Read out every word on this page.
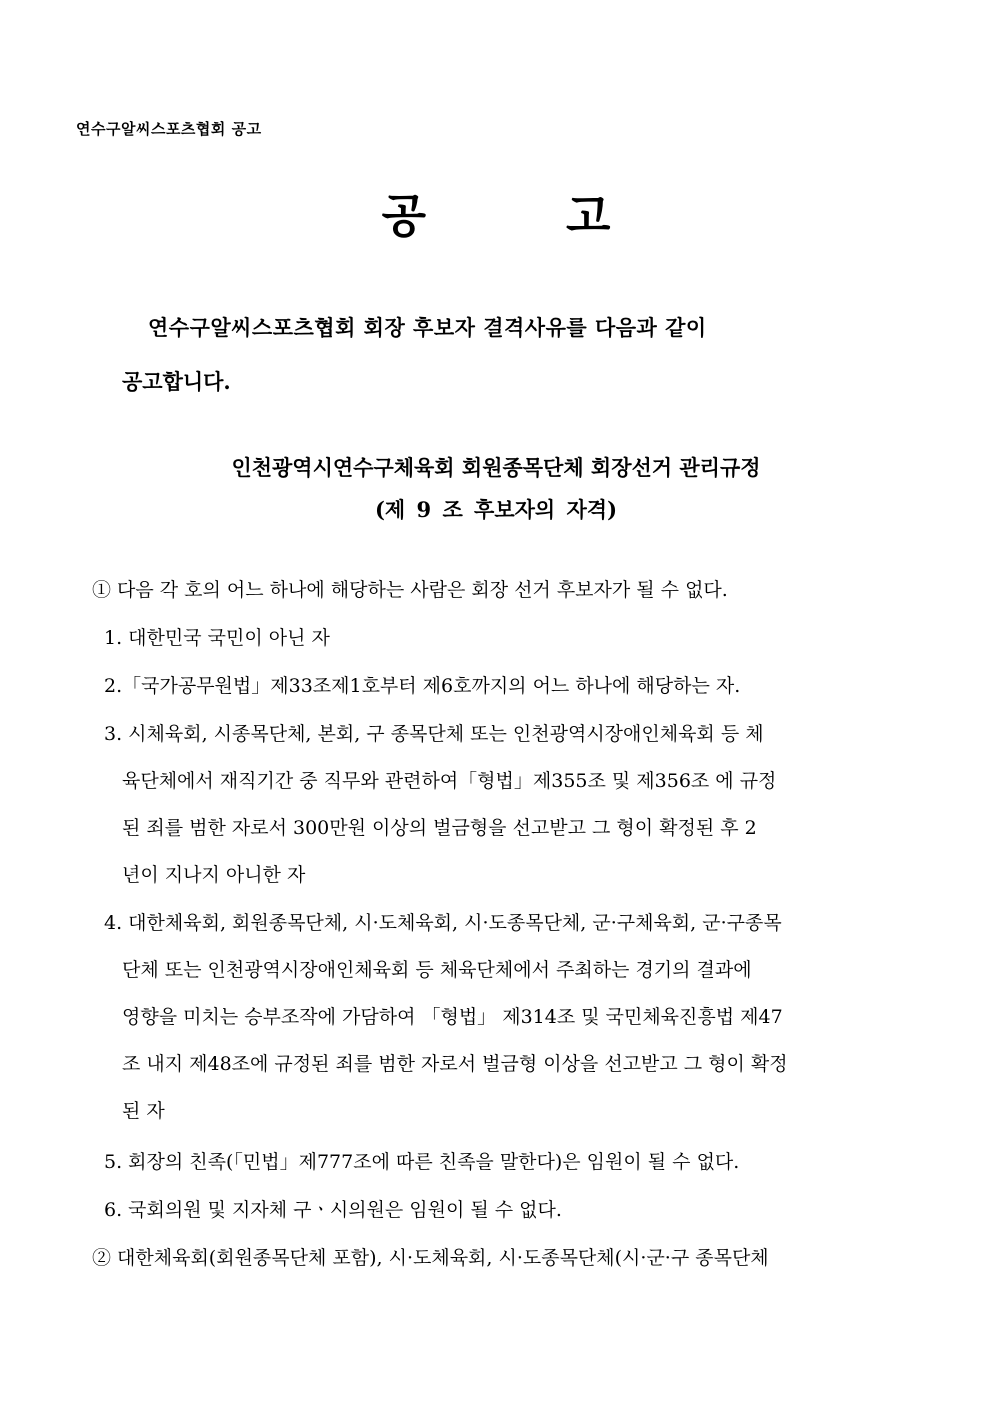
연수구알씨스포츠협회 공고
공	고
연수구알씨스포츠협회 회장 후보자 결격사유를 다음과 같이
공고합니다.
인천광역시연수구체육회 회원종목단체 회장선거 관리규정
(제 9 조 후보자의 자격)
① 다음 각 호의 어느 하나에 해당하는 사람은 회장 선거 후보자가 될 수 없다.
1. 대한민국 국민이 아닌 자
2.「국가공무원법」제33조제1호부터 제6호까지의 어느 하나에 해당하는 자.
3. 시체육회, 시종목단체, 본회, 구 종목단체 또는 인천광역시장애인체육회 등 체
육단체에서 재직기간 중 직무와 관련하여「형법」제355조 및 제356조 에 규정
된 죄를 범한 자로서 300만원 이상의 벌금형을 선고받고 그 형이 확정된 후 2
년이 지나지 아니한 자
4. 대한체육회, 회원종목단체, 시·도체육회, 시·도종목단체, 군·구체육회, 군·구종목
단체 또는 인천광역시장애인체육회 등 체육단체에서 주최하는 경기의 결과에
영향을 미치는 승부조작에 가담하여 「형법」 제314조 및 국민체육진흥법 제47
조 내지 제48조에 규정된 죄를 범한 자로서 벌금형 이상을 선고받고 그 형이 확정
된 자
5. 회장의 친족(「민법」제777조에 따른 친족을 말한다)은 임원이 될 수 없다.
6. 국회의원 및 지자체 구ㆍ시의원은 임원이 될 수 없다.
② 대한체육회(회원종목단체 포함), 시·도체육회, 시·도종목단체(시·군·구 종목단체
